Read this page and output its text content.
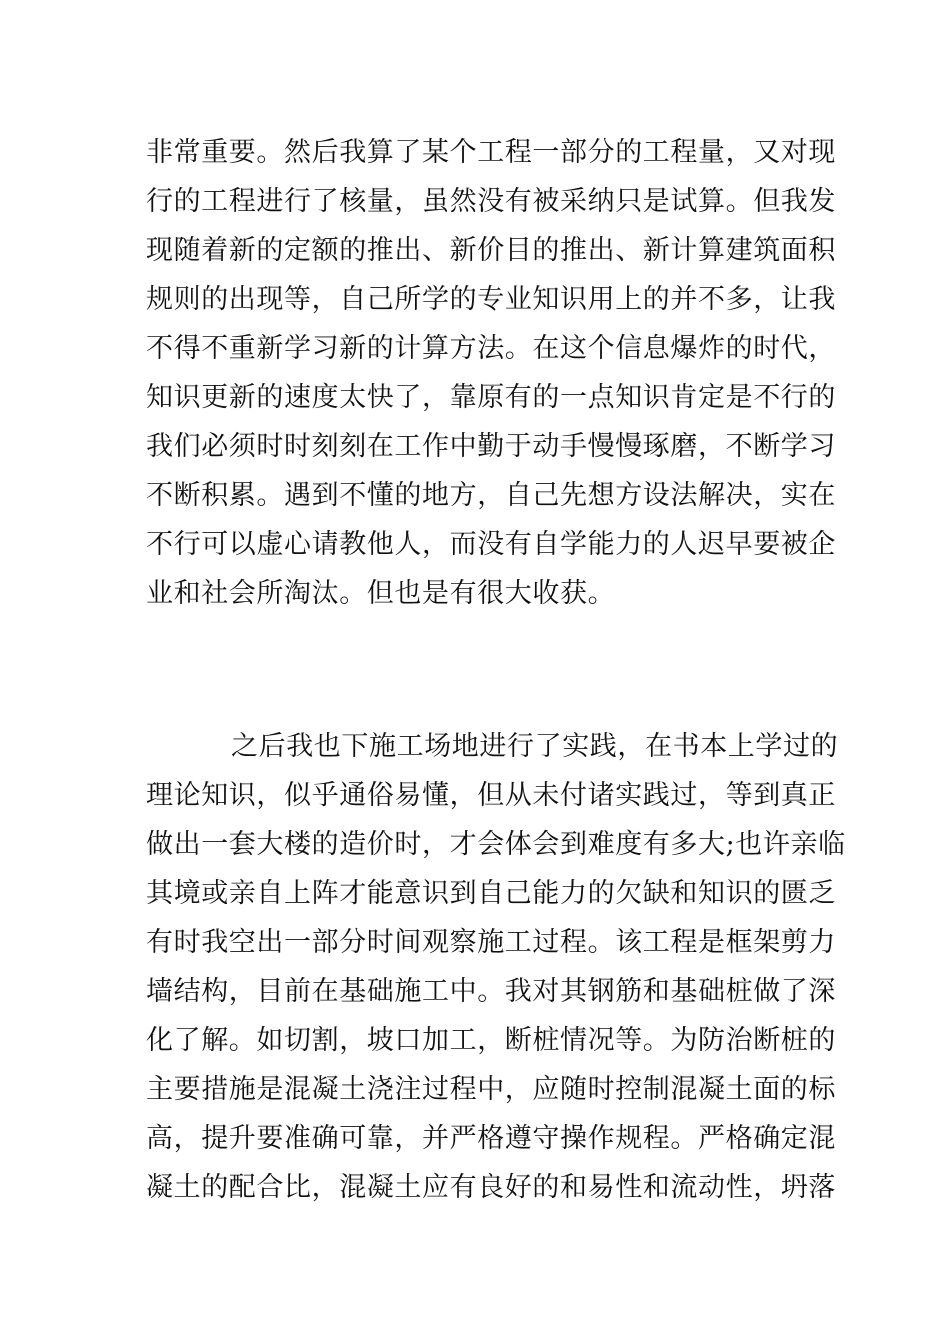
非常重要。然后我算了某个工程一部分的工程量，又对现
行的工程进行了核量，虽然没有被采纳只是试算。但我发
现随着新的定额的推出、新价目的推出、新计算建筑面积
规则的出现等，自己所学的专业知识用上的并不多，让我
不得不重新学习新的计算方法。在这个信息爆炸的时代，
知识更新的速度太快了，靠原有的一点知识肯定是不行的
我们必须时时刻刻在工作中勤于动手慢慢琢磨，不断学习
不断积累。遇到不懂的地方，自己先想方设法解决，实在
不行可以虚心请教他人，而没有自学能力的人迟早要被企
业和社会所淘汰。但也是有很大收获。

之后我也下施工场地进行了实践，在书本上学过的
理论知识，似乎通俗易懂，但从未付诸实践过，等到真正
做出一套大楼的造价时，才会体会到难度有多大;也许亲临
其境或亲自上阵才能意识到自己能力的欠缺和知识的匮乏
有时我空出一部分时间观察施工过程。该工程是框架剪力
墙结构，目前在基础施工中。我对其钢筋和基础桩做了深
化了解。如切割，坡口加工，断桩情况等。为防治断桩的
主要措施是混凝土浇注过程中，应随时控制混凝土面的标
高，提升要准确可靠，并严格遵守操作规程。严格确定混
凝土的配合比，混凝土应有良好的和易性和流动性，坍落
